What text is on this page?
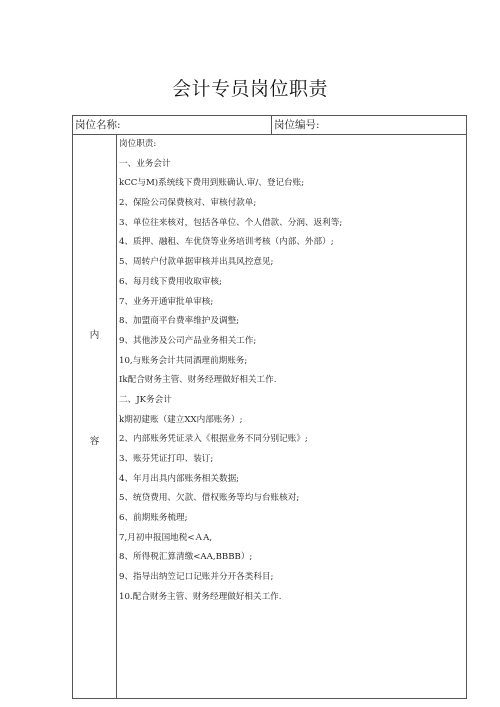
会计专员岗位职责
岗位名称:	岗位编号:
内
容
岗位职责:
一、业务会计
kCC与M)系统线下费用到账确认.审/、登记台账;
2、保险公司保费核对、审核付款单;
3、单位往来核对，包括各单位、个人借款、分润、返利等;
4、质押、融租、车优贷等业务培训考核（内部、外部）;
5、周转户付款单据审核并出具风控意见;
6、每月线下费用收取审核;
7、业务开通审批单审核;
8、加盟商平台费率维护及调整;
9、其他涉及公司产品业务相关工作;
10,与账务会计共同酒理前期账务;
Ik配合财务主管、财务经理做好相关工作.
二、JK务会计
k期初建账（建立XX内部账务）;
2、内部账务凭证录入《根据业务不同分别记账》;
3、账芬凭证打印、装订;
4、年月出具内部账务相关数据;
5、统贷费用、欠款、借权账务等均与台账核对;
6、前期账务梳理;
7,月初申报国地税<ＡA,
8、所得税汇算清缴<AA,BBBB）;
9、指导出纳笠记口记账并分开各类科目;
10.配合财务主管、财务经理做好相关工作.
